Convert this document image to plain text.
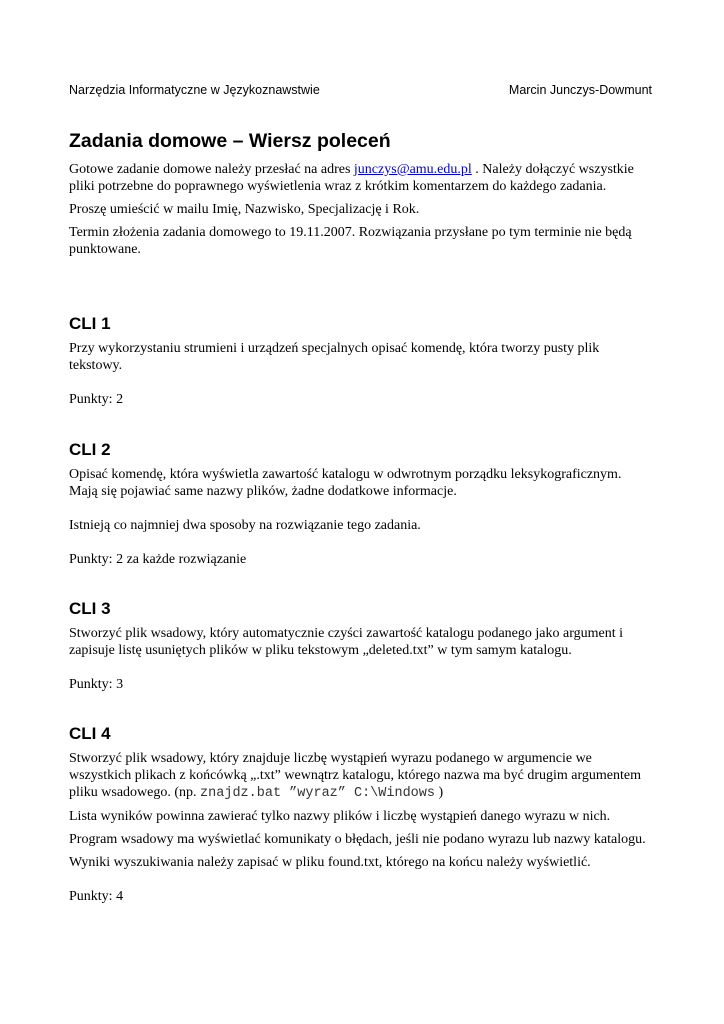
Narzędzia Informatyczne w Językoznawstwie	Marcin Junczys-Dowmunt
Zadania domowe – Wiersz poleceń

Gotowe zadanie domowe należy przesłać na adres junczys@amu.edu.pl . Należy dołączyć wszystkie pliki potrzebne do poprawnego wyświetlenia wraz z krótkim komentarzem do każdego zadania.

Proszę umieścić w mailu Imię, Nazwisko, Specjalizację i Rok.

Termin złożenia zadania domowego to 19.11.2007. Rozwiązania przysłane po tym terminie nie będą punktowane.

CLI 1

Przy wykorzystaniu strumieni i urządzeń specjalnych opisać komendę, która tworzy pusty plik tekstowy.

Punkty: 2

CLI 2

Opisać komendę, która wyświetla zawartość katalogu w odwrotnym porządku leksykograficznym. Mają się pojawiać same nazwy plików, żadne dodatkowe informacje.

Istnieją co najmniej dwa sposoby na rozwiązanie tego zadania.

Punkty: 2 za każde rozwiązanie

CLI 3

Stworzyć plik wsadowy, który automatycznie czyści zawartość katalogu podanego jako argument i zapisuje listę usuniętych plików w pliku tekstowym „deleted.txt” w tym samym katalogu.

Punkty: 3

CLI 4

Stworzyć plik wsadowy, który znajduje liczbę wystąpień wyrazu podanego w argumencie we wszystkich plikach z końcówką „.txt” wewnątrz katalogu, którego nazwa ma być drugim argumentem pliku wsadowego. (np. znajdz.bat ”wyraz” C:\Windows )

Lista wyników powinna zawierać tylko nazwy plików i liczbę wystąpień danego wyrazu w nich.

Program wsadowy ma wyświetlać komunikaty o błędach, jeśli nie podano wyrazu lub nazwy katalogu.

Wyniki wyszukiwania należy zapisać w pliku found.txt, którego na końcu należy wyświetlić.

Punkty: 4
